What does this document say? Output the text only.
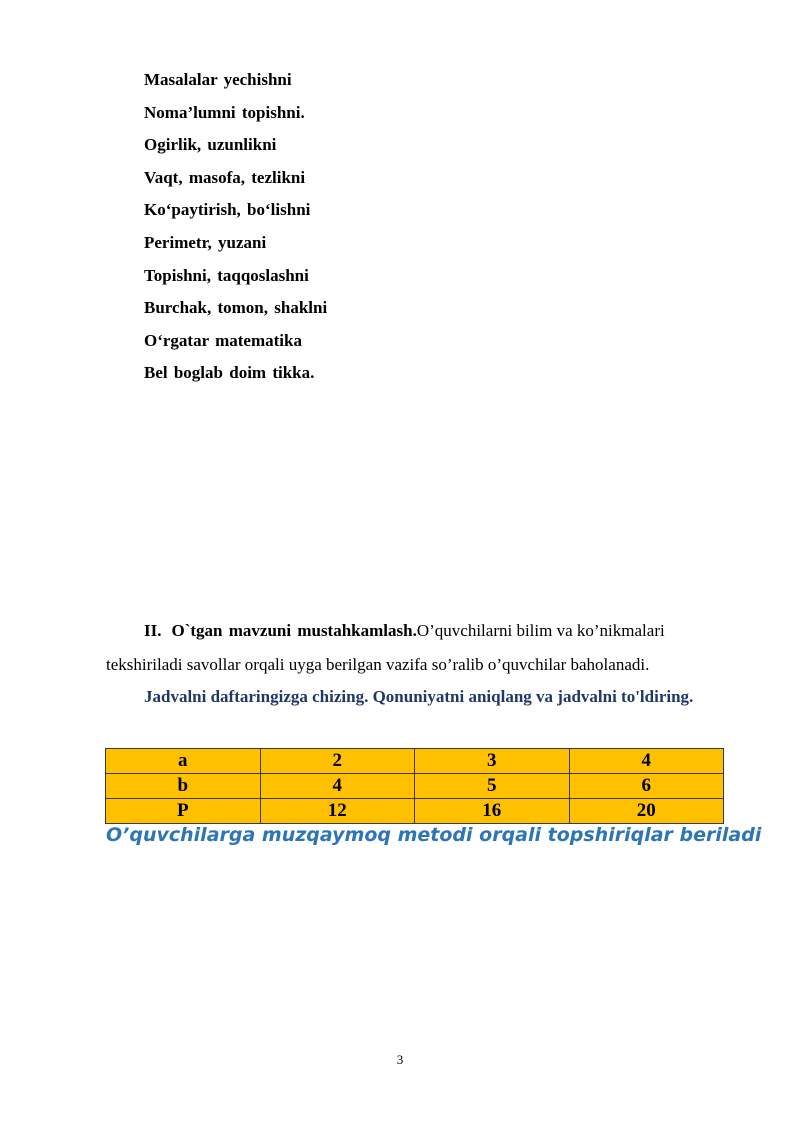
Masalalar yechishni
Noma’lumni topishni.
Ogirlik, uzunlikni
Vaqt, masofa, tezlikni
Ko‘paytirish, bo‘lishni
Perimetr, yuzani
Topishni, taqqoslashni
Burchak, tomon, shaklni
O‘rgatar matematika
Bel boglab doim tikka.

II. O`tgan mavzuni mustahkamlash.O’quvchilarni bilim va ko’nikmalari tekshiriladi savollar orqali uyga berilgan vazifa so’ralib o’quvchilar baholanadi.

Jadvalni daftaringizga chizing. Qonuniyatni aniqlang va jadvalni to'ldiring.

a	2	3	4
b	4	5	6
P	12	16	20

O’quvchilarga muzqaymoq metodi orqali topshiriqlar beriladi

3
